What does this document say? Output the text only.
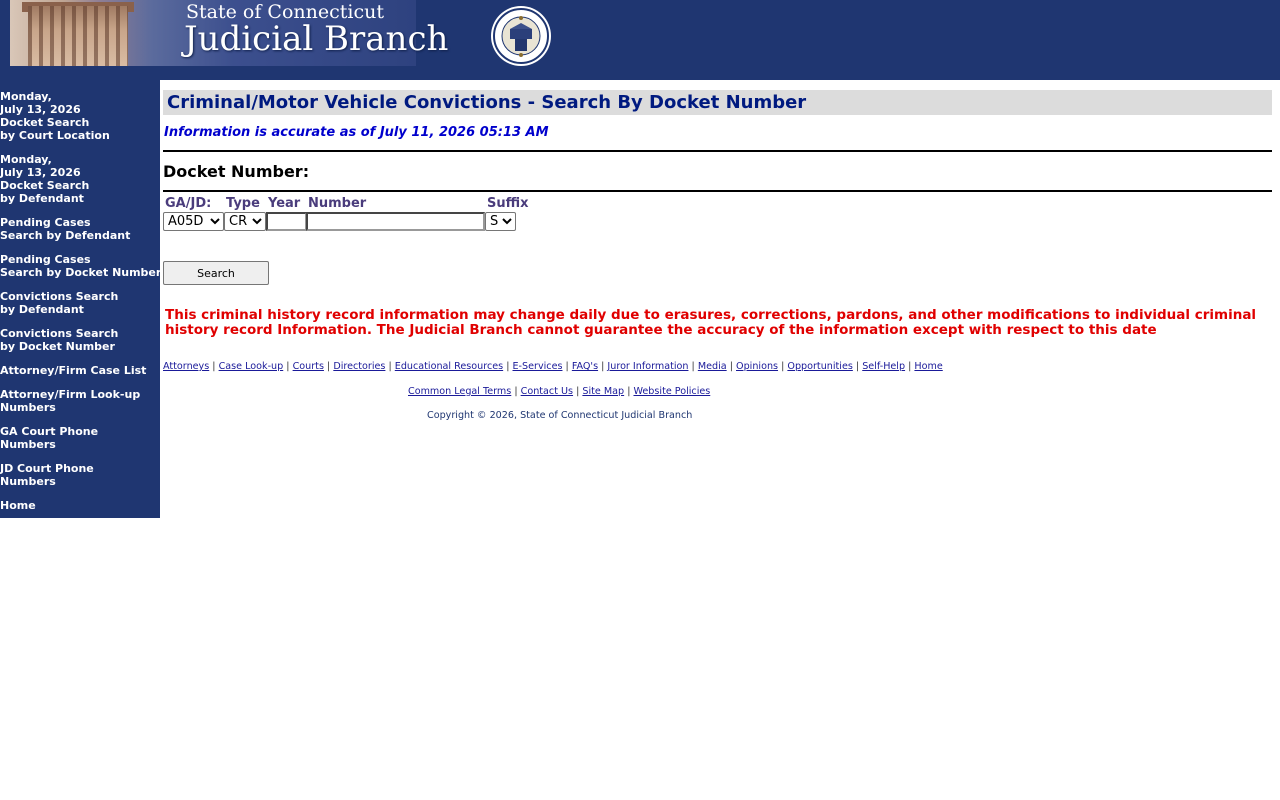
State of Connecticut
Judicial Branch
Monday,
July 13, 2026
Docket Search
by Court Location
Monday,
July 13, 2026
Docket Search
by Defendant
Pending Cases
Search by Defendant
Pending Cases
Search by Docket Number
Convictions Search
by Defendant
Convictions Search
by Docket Number
Attorney/Firm Case List
Attorney/Firm Look-up
Numbers
GA Court Phone
Numbers
JD Court Phone
Numbers
Home
Criminal/Motor Vehicle Convictions - Search By Docket Number
Information is accurate as of July 11, 2026 05:13 AM
Docket Number:
GA/JD: Type Year Number	Suffix
A05D
CR
S
Search
This criminal history record information may change daily due to erasures, corrections, pardons, and other modifications to individual criminal history record Information. The Judicial Branch cannot guarantee the accuracy of the information except with respect to this date
Attorneys | Case Look-up | Courts | Directories | Educational Resources | E-Services | FAQ's | Juror Information | Media | Opinions | Opportunities | Self-Help | Home
Common Legal Terms | Contact Us | Site Map | Website Policies
Copyright © 2026, State of Connecticut Judicial Branch
